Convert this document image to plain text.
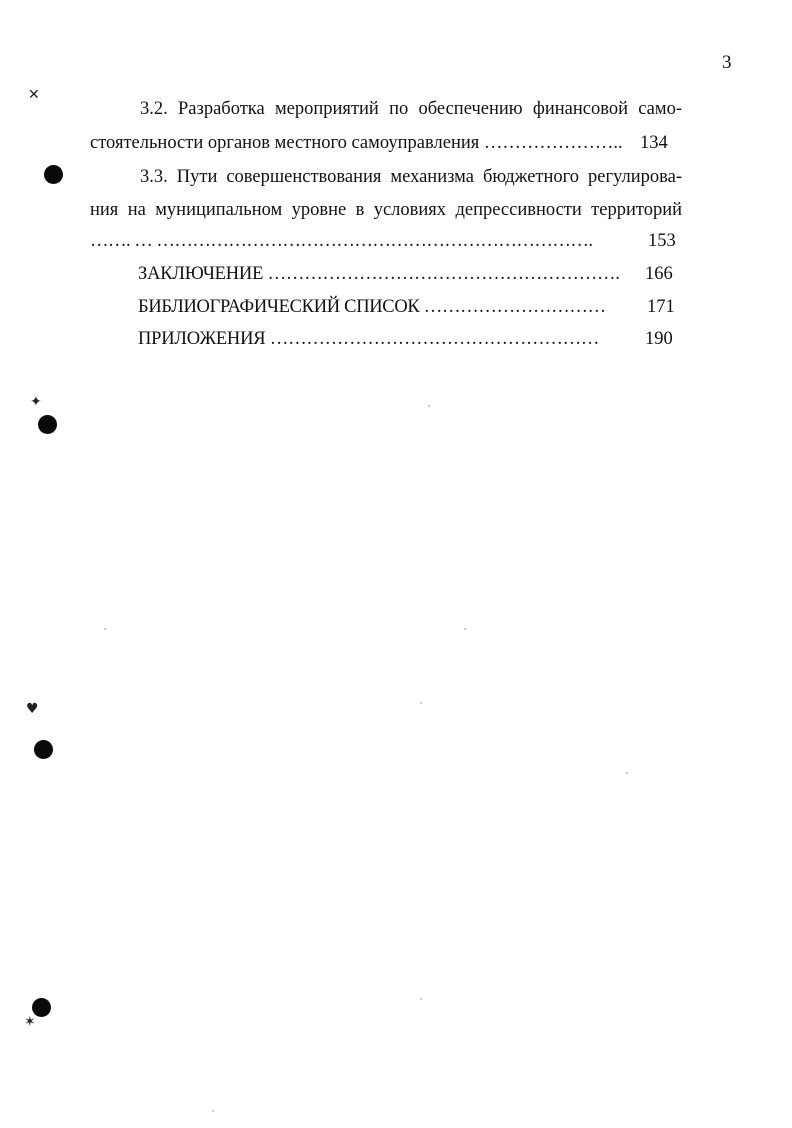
3
3.2. Разработка мероприятий по обеспечению финансовой само-
стоятельности органов местного самоуправления ………………….. 134
3.3. Пути совершенствования механизма бюджетного регулирова-
ния на муниципальном уровне в условиях депрессивности территорий
……. … ……………………………………………………………….	153
ЗАКЛЮЧЕНИЕ ………………………………………………….	166
БИБЛИОГРАФИЧЕСКИЙ СПИСОК …………………………	171
ПРИЛОЖЕНИЯ ………………………………………………	190
✕
✦
♥
✶
